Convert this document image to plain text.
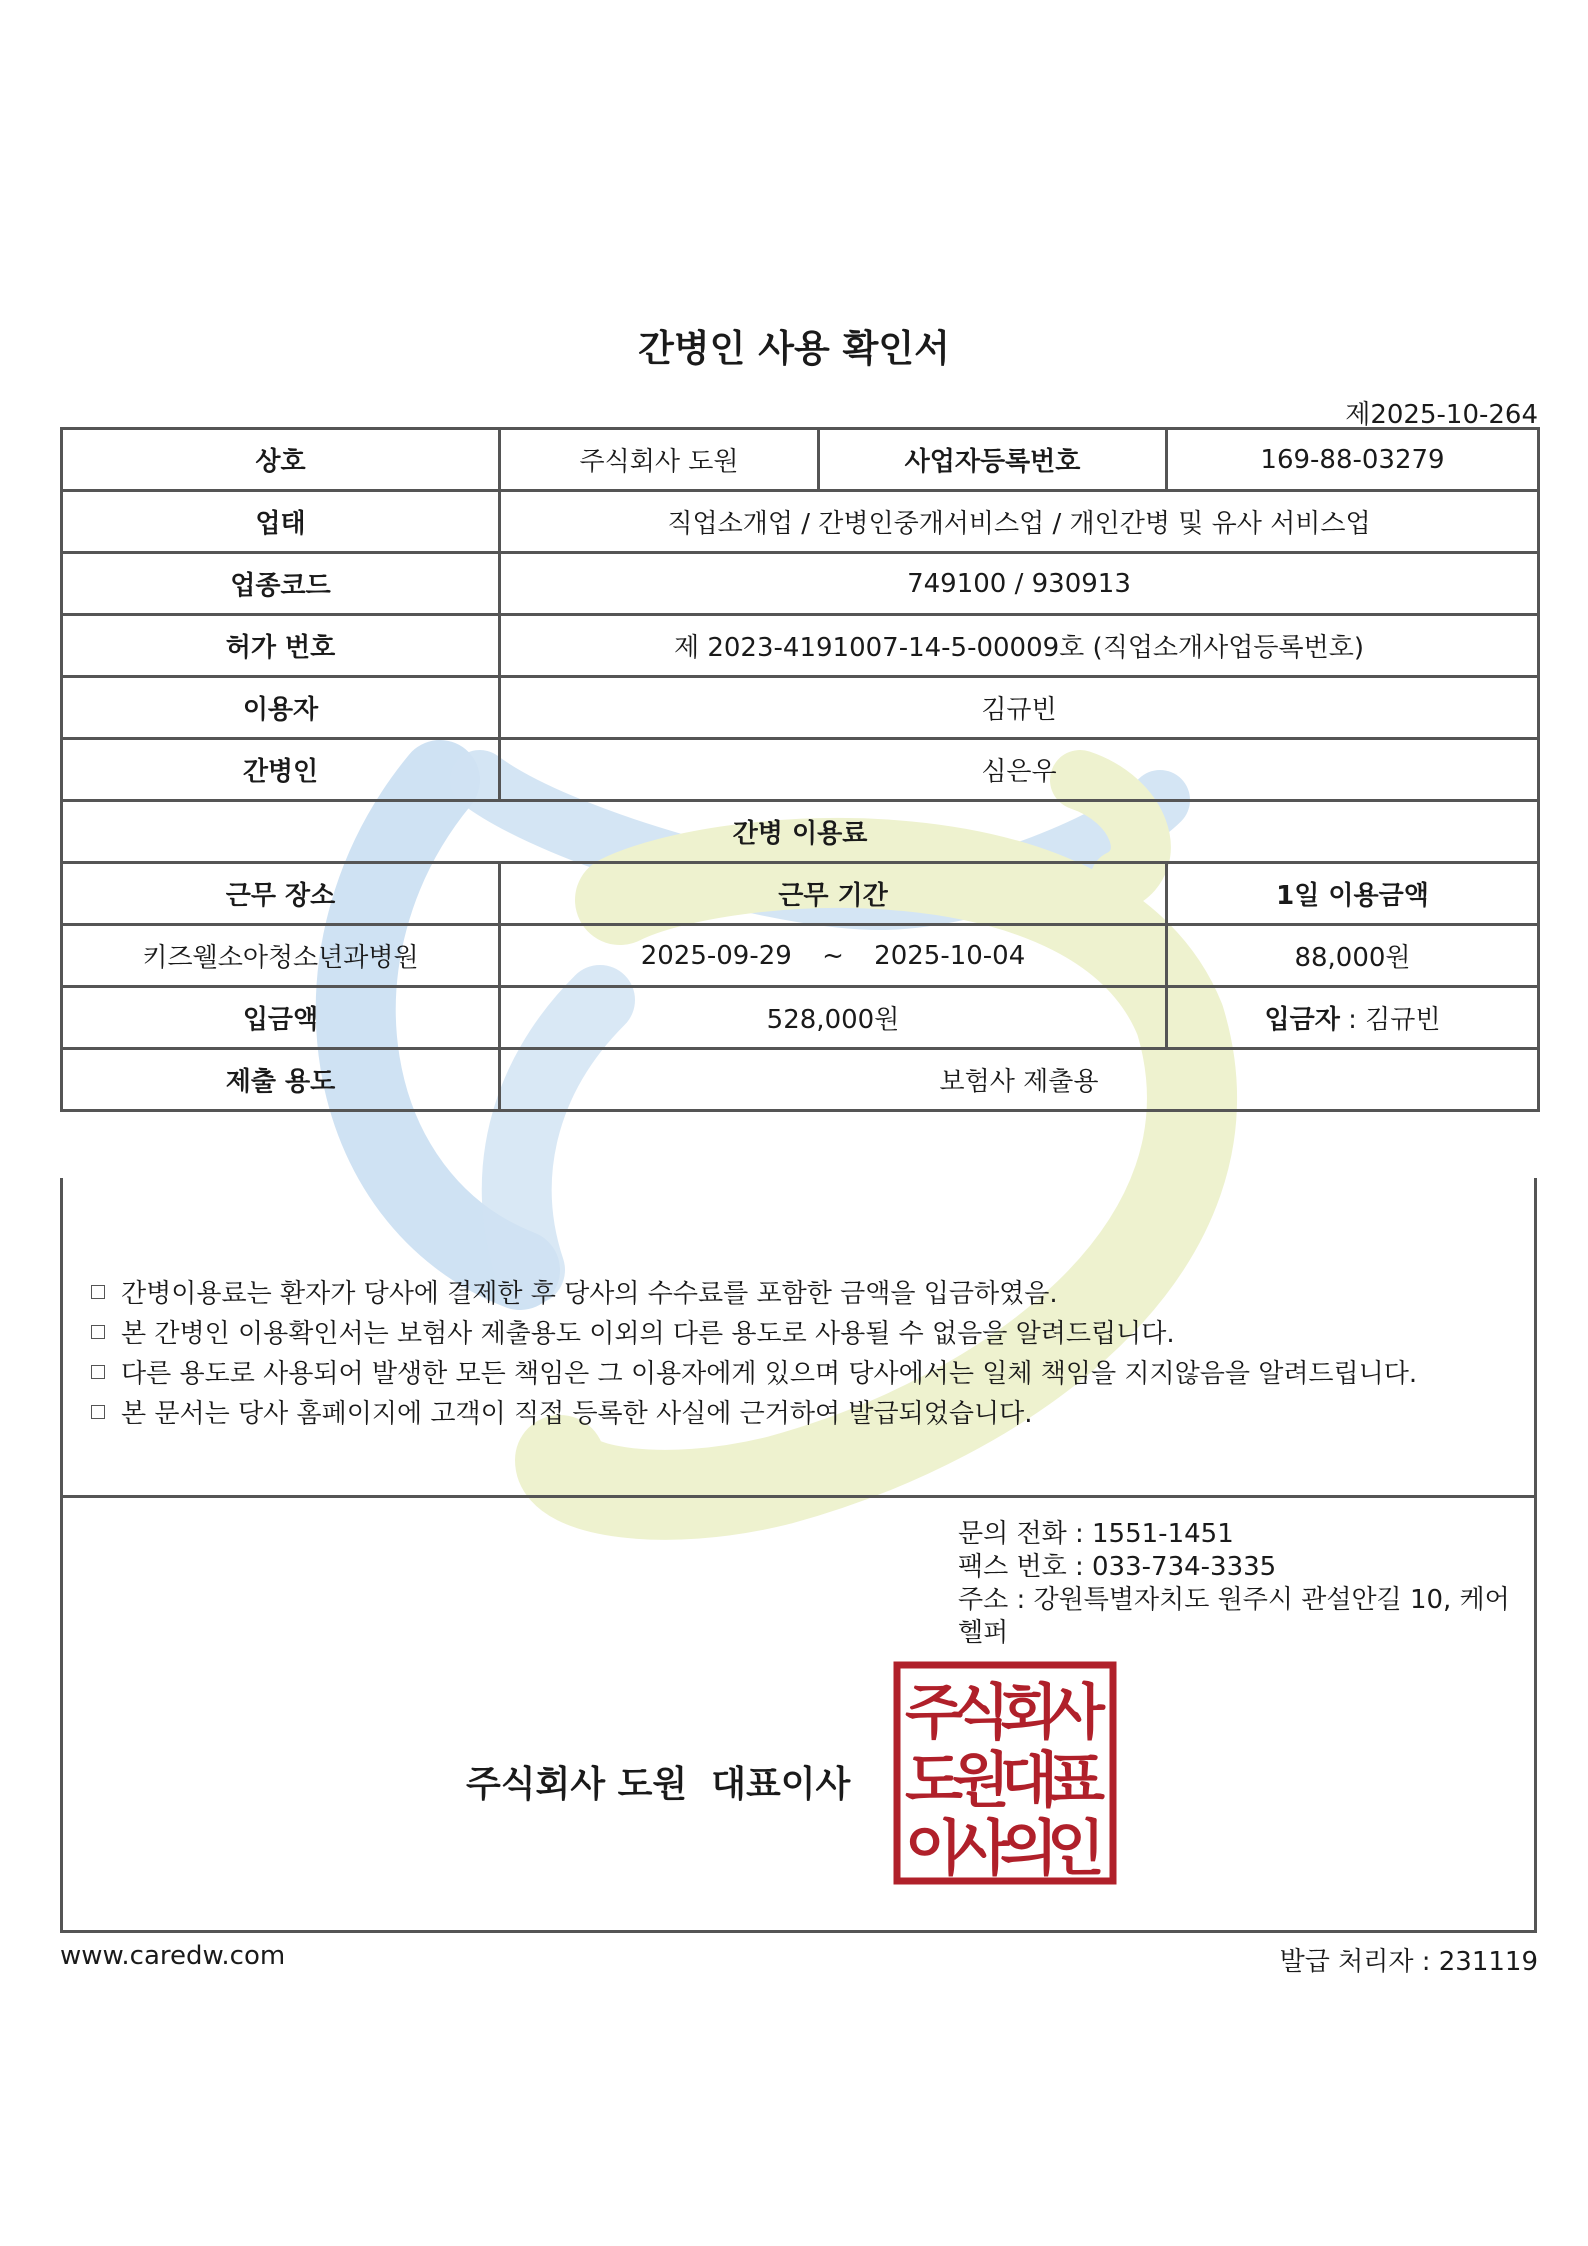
간병인 사용 확인서
제2025-10-264
상호	주식회사 도원	사업자등록번호	169-88-03279
업태	직업소개업 / 간병인중개서비스업 / 개인간병 및 유사 서비스업		
업종코드	749100 / 930913		
허가 번호	제 2023-4191007-14-5-00009호 (직업소개사업등록번호)		
이용자	김규빈		
간병인	심은우		
간병 이용료			
근무 장소	근무 기간		1일 이용금액
키즈웰소아청소년과병원	2025-09-29 ~ 2025-10-04		88,000원
입금액	528,000원		입금자 : 김규빈
제출 용도	보험사 제출용		
간병이용료는 환자가 당사에 결제한 후 당사의 수수료를 포함한 금액을 입금하였음.
본 간병인 이용확인서는 보험사 제출용도 이외의 다른 용도로 사용될 수 없음을 알려드립니다.
다른 용도로 사용되어 발생한 모든 책임은 그 이용자에게 있으며 당사에서는 일체 책임을 지지않음을 알려드립니다.
본 문서는 당사 홈페이지에 고객이 직접 등록한 사실에 근거하여 발급되었습니다.
문의 전화 : 1551-1451
팩스 번호 : 033-734-3335
주소 : 강원특별자치도 원주시 관설안길 10, 케어헬퍼
주식회사 도원 대표이사
주
식
회
사
도
원
대
표
이
사
의
인
www.caredw.com	발급 처리자 : 231119
